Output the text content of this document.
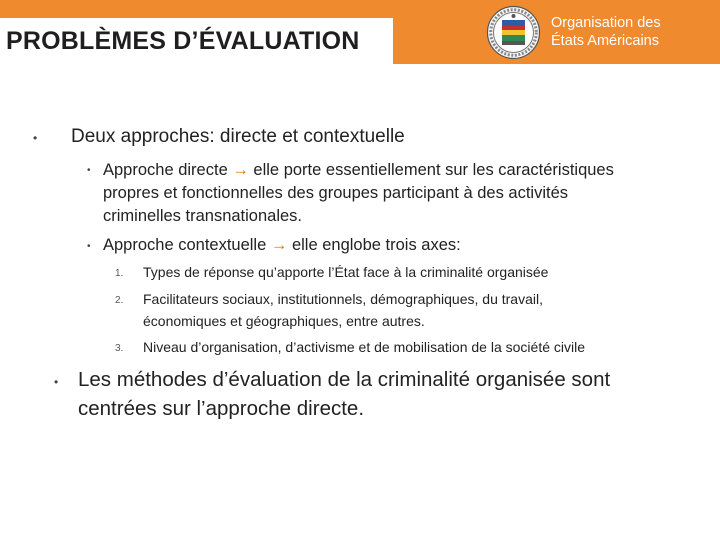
PROBLÈMES D’ÉVALUATION
Organisation des
États Américains
• Deux approches: directe et contextuelle
• Approche directe → elle porte essentiellement sur les caractéristiques
propres et fonctionnelles des groupes participant à des activités
criminelles transnationales.
• Approche contextuelle → elle englobe trois axes:
1. Types de réponse qu’apporte l’État face à la criminalité organisée
2. Facilitateurs sociaux, institutionnels, démographiques, du travail,
économiques et géographiques, entre autres.
3. Niveau d’organisation, d’activisme et de mobilisation de la société civile
• Les méthodes d’évaluation de la criminalité organisée sont
centrées sur l’approche directe.
